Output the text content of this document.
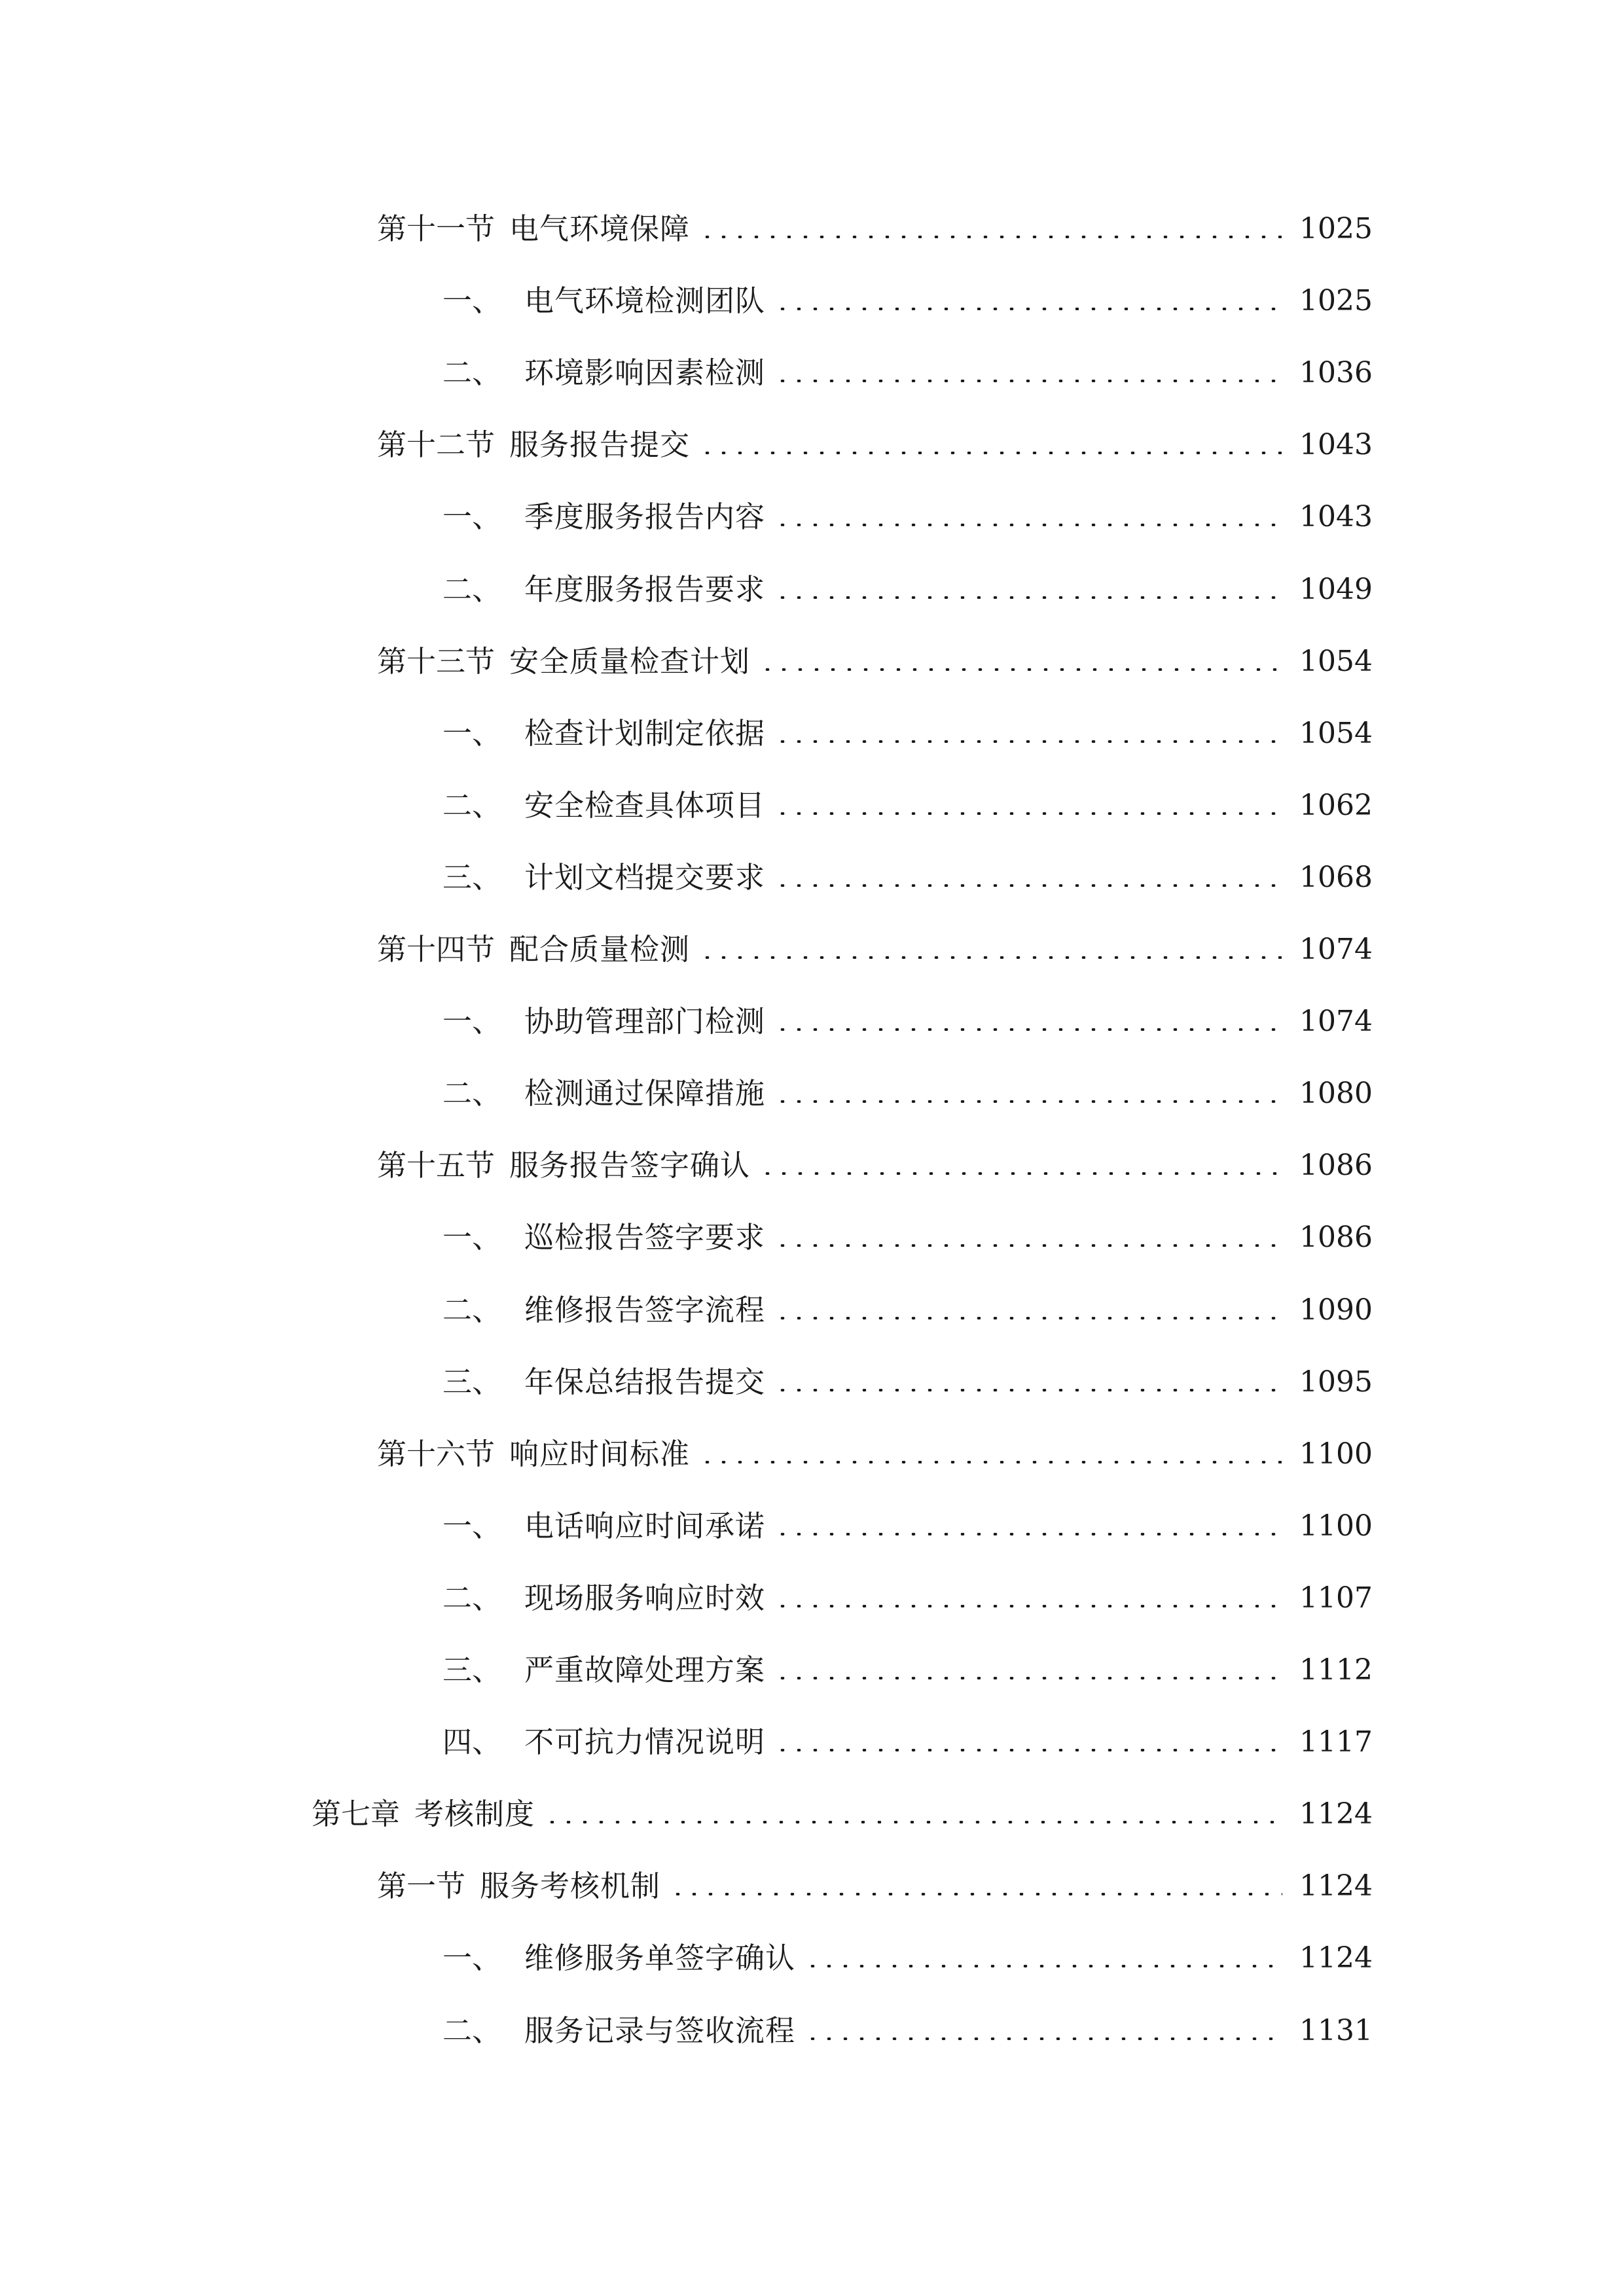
第十一节 电气环境保障	1025
一、 电气环境检测团队	1025
二、 环境影响因素检测	1036
第十二节 服务报告提交	1043
一、 季度服务报告内容	1043
二、 年度服务报告要求	1049
第十三节 安全质量检查计划	1054
一、 检查计划制定依据	1054
二、 安全检查具体项目	1062
三、 计划文档提交要求	1068
第十四节 配合质量检测	1074
一、 协助管理部门检测	1074
二、 检测通过保障措施	1080
第十五节 服务报告签字确认	1086
一、 巡检报告签字要求	1086
二、 维修报告签字流程	1090
三、 年保总结报告提交	1095
第十六节 响应时间标准	1100
一、 电话响应时间承诺	1100
二、 现场服务响应时效	1107
三、 严重故障处理方案	1112
四、 不可抗力情况说明	1117
第七章 考核制度	1124
第一节 服务考核机制	1124
一、 维修服务单签字确认	1124
二、 服务记录与签收流程	1131
